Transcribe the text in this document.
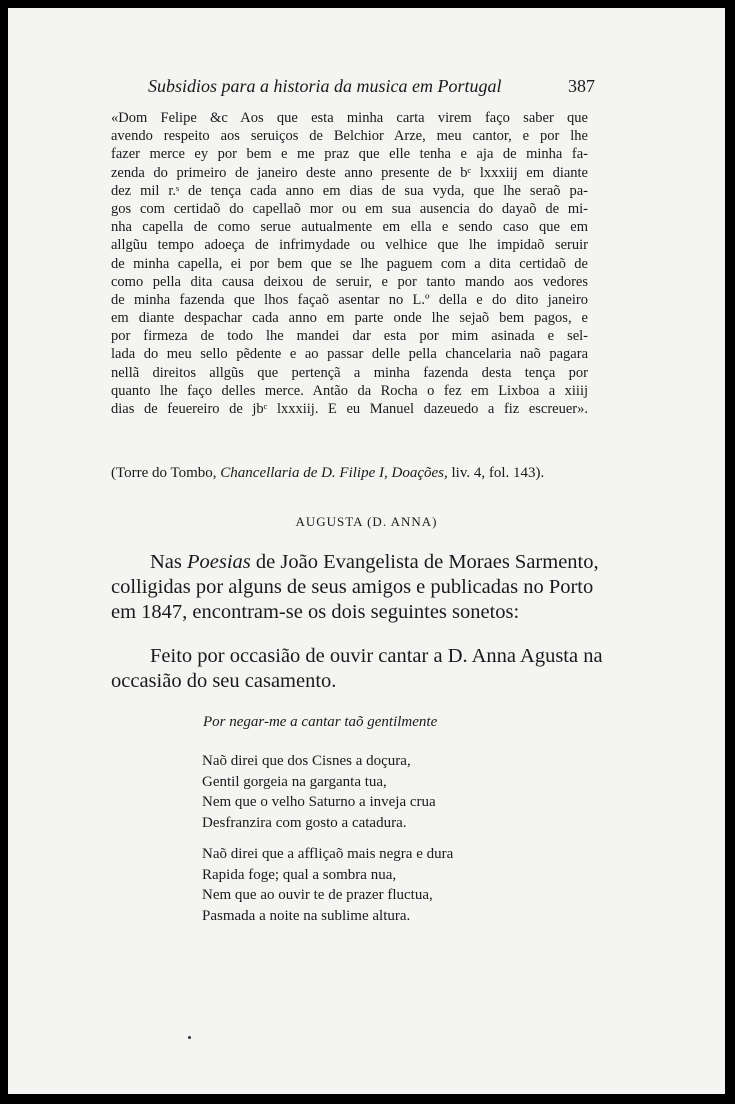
Subsidios para a historia da musica em Portugal	387
«Dom Felipe &c Aos que esta minha carta virem faço saber que
avendo respeito aos seruiços de Belchior Arze, meu cantor, e por lhe
fazer merce ey por bem e me praz que elle tenha e aja de minha fa-
zenda do primeiro de janeiro deste anno presente de bᶜ lxxxiij em diante
dez mil r.ˢ de tença cada anno em dias de sua vyda, que lhe seraõ pa-
gos com certidaõ do capellaõ mor ou em sua ausencia do dayaõ de mi-
nha capella de como serue autualmente em ella e sendo caso que em
allgũu tempo adoeça de infrimydade ou velhice que lhe impidaõ seruir
de minha capella, ei por bem que se lhe paguem com a dita certidaõ de
como pella dita causa deixou de seruir, e por tanto mando aos vedores
de minha fazenda que lhos façaõ asentar no L.º della e do dito janeiro
em diante despachar cada anno em parte onde lhe sejaõ bem pagos, e
por firmeza de todo lhe mandei dar esta por mim asinada e sel-
lada do meu sello pẽdente e ao passar delle pella chancelaria naõ pagara
nellã direitos allgũs que pertençã a minha fazenda desta tença por
quanto lhe faço delles merce. Antão da Rocha o fez em Lixboa a xiiij
dias de feuereiro de jbᶜ lxxxiij. E eu Manuel dazeuedo a fiz escreuer».
(Torre do Tombo, Chancellaria de D. Filipe I, Doações, liv. 4, fol. 143).
AUGUSTA (D. ANNA)
Nas Poesias de João Evangelista de Moraes Sarmento,
colligidas por alguns de seus amigos e publicadas no Porto
em 1847, encontram-se os dois seguintes sonetos:
Feito por occasião de ouvir cantar a D. Anna Agusta na
occasião do seu casamento.
Por negar-me a cantar taõ gentilmente
Naõ direi que dos Cisnes a doçura,
Gentil gorgeia na garganta tua,
Nem que o velho Saturno a inveja crua
Desfranzira com gosto a catadura.
Naõ direi que a affliçaõ mais negra e dura
Rapida foge; qual a sombra nua,
Nem que ao ouvir te de prazer fluctua,
Pasmada a noite na sublime altura.
